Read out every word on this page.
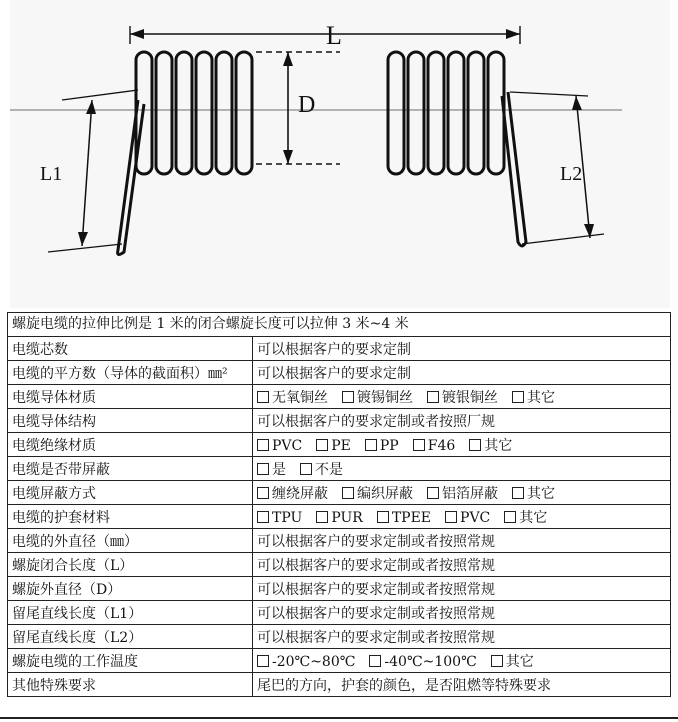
L
D
L1	L2
螺旋电缆的拉伸比例是 1 米的闭合螺旋长度可以拉伸 3 米~4 米
电缆芯数	可以根据客户的要求定制
电缆的平方数（导体的截面积）㎜²	可以根据客户的要求定制
电缆导体材质	无氧铜丝 镀锡铜丝 镀银铜丝 其它
电缆导体结构	可以根据客户的要求定制或者按照厂规
电缆绝缘材质	PVC PE PP F46 其它
电缆是否带屏蔽	是 不是
电缆屏蔽方式	缠绕屏蔽 编织屏蔽 铝箔屏蔽 其它
电缆的护套材料	TPU PUR TPEE PVC 其它
电缆的外直径（㎜）	可以根据客户的要求定制或者按照常规
螺旋闭合长度（L）	可以根据客户的要求定制或者按照常规
螺旋外直径（D）	可以根据客户的要求定制或者按照常规
留尾直线长度（L1）	可以根据客户的要求定制或者按照常规
留尾直线长度（L2）	可以根据客户的要求定制或者按照常规
螺旋电缆的工作温度	-20℃~80℃ -40℃~100℃ 其它
其他特殊要求	尾巴的方向，护套的颜色，是否阻燃等特殊要求
